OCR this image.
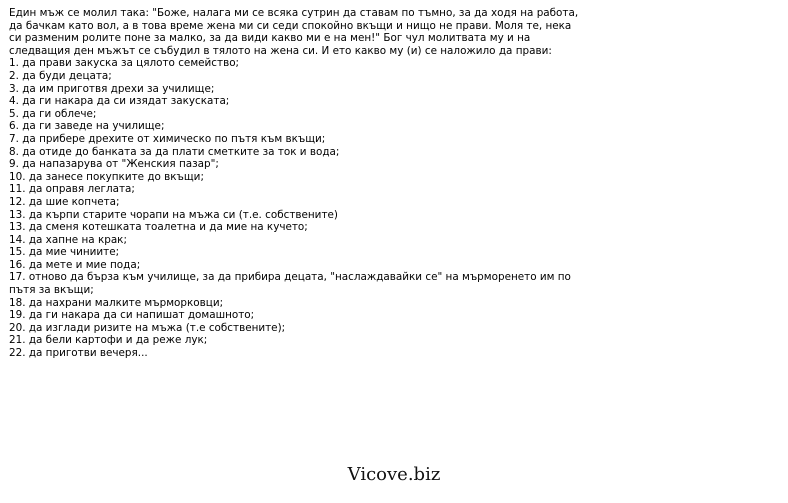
Един мъж се молил така: "Боже, налага ми се всяка сутрин да ставам по тъмно, за да ходя на работа, да бачкам като вол, а в това време жена ми си седи спокойно вкъщи и нищо не прави. Моля те, нека си разменим ролите поне за малко, за да види какво ми е на мен!" Бог чул молитвата му и на следващия ден мъжът се събудил в тялото на жена си. И ето какво му (и) се наложило да прави:

1. да прави закуска за цялото семейство;
2. да буди децата;
3. да им приготвя дрехи за училище;
4. да ги накара да си изядат закуската;
5. да ги облече;
6. да ги заведе на училище;
7. да прибере дрехите от химическо по пътя към вкъщи;
8. да отиде до банката за да плати сметките за ток и вода;
9. да напазарува от "Женския пазар";
10. да занесе покупките до вкъщи;
11. да оправя леглата;
12. да шие копчета;
13. да кърпи старите чорапи на мъжа си (т.е. собствените)
13. да сменя котешката тоалетна и да мие на кучето;
14. да хапне на крак;
15. да мие чиниите;
16. да мете и мие пода;
17. отново да бърза към училище, за да прибира децата, "наслаждавайки се" на мърморенето им по пътя за вкъщи;
18. да нахрани малките мърморковци;
19. да ги накара да си напишат домашното;
20. да изглади ризите на мъжа (т.е собствените);
21. да бели картофи и да реже лук;
22. да приготви вечеря...
Vicove.biz
